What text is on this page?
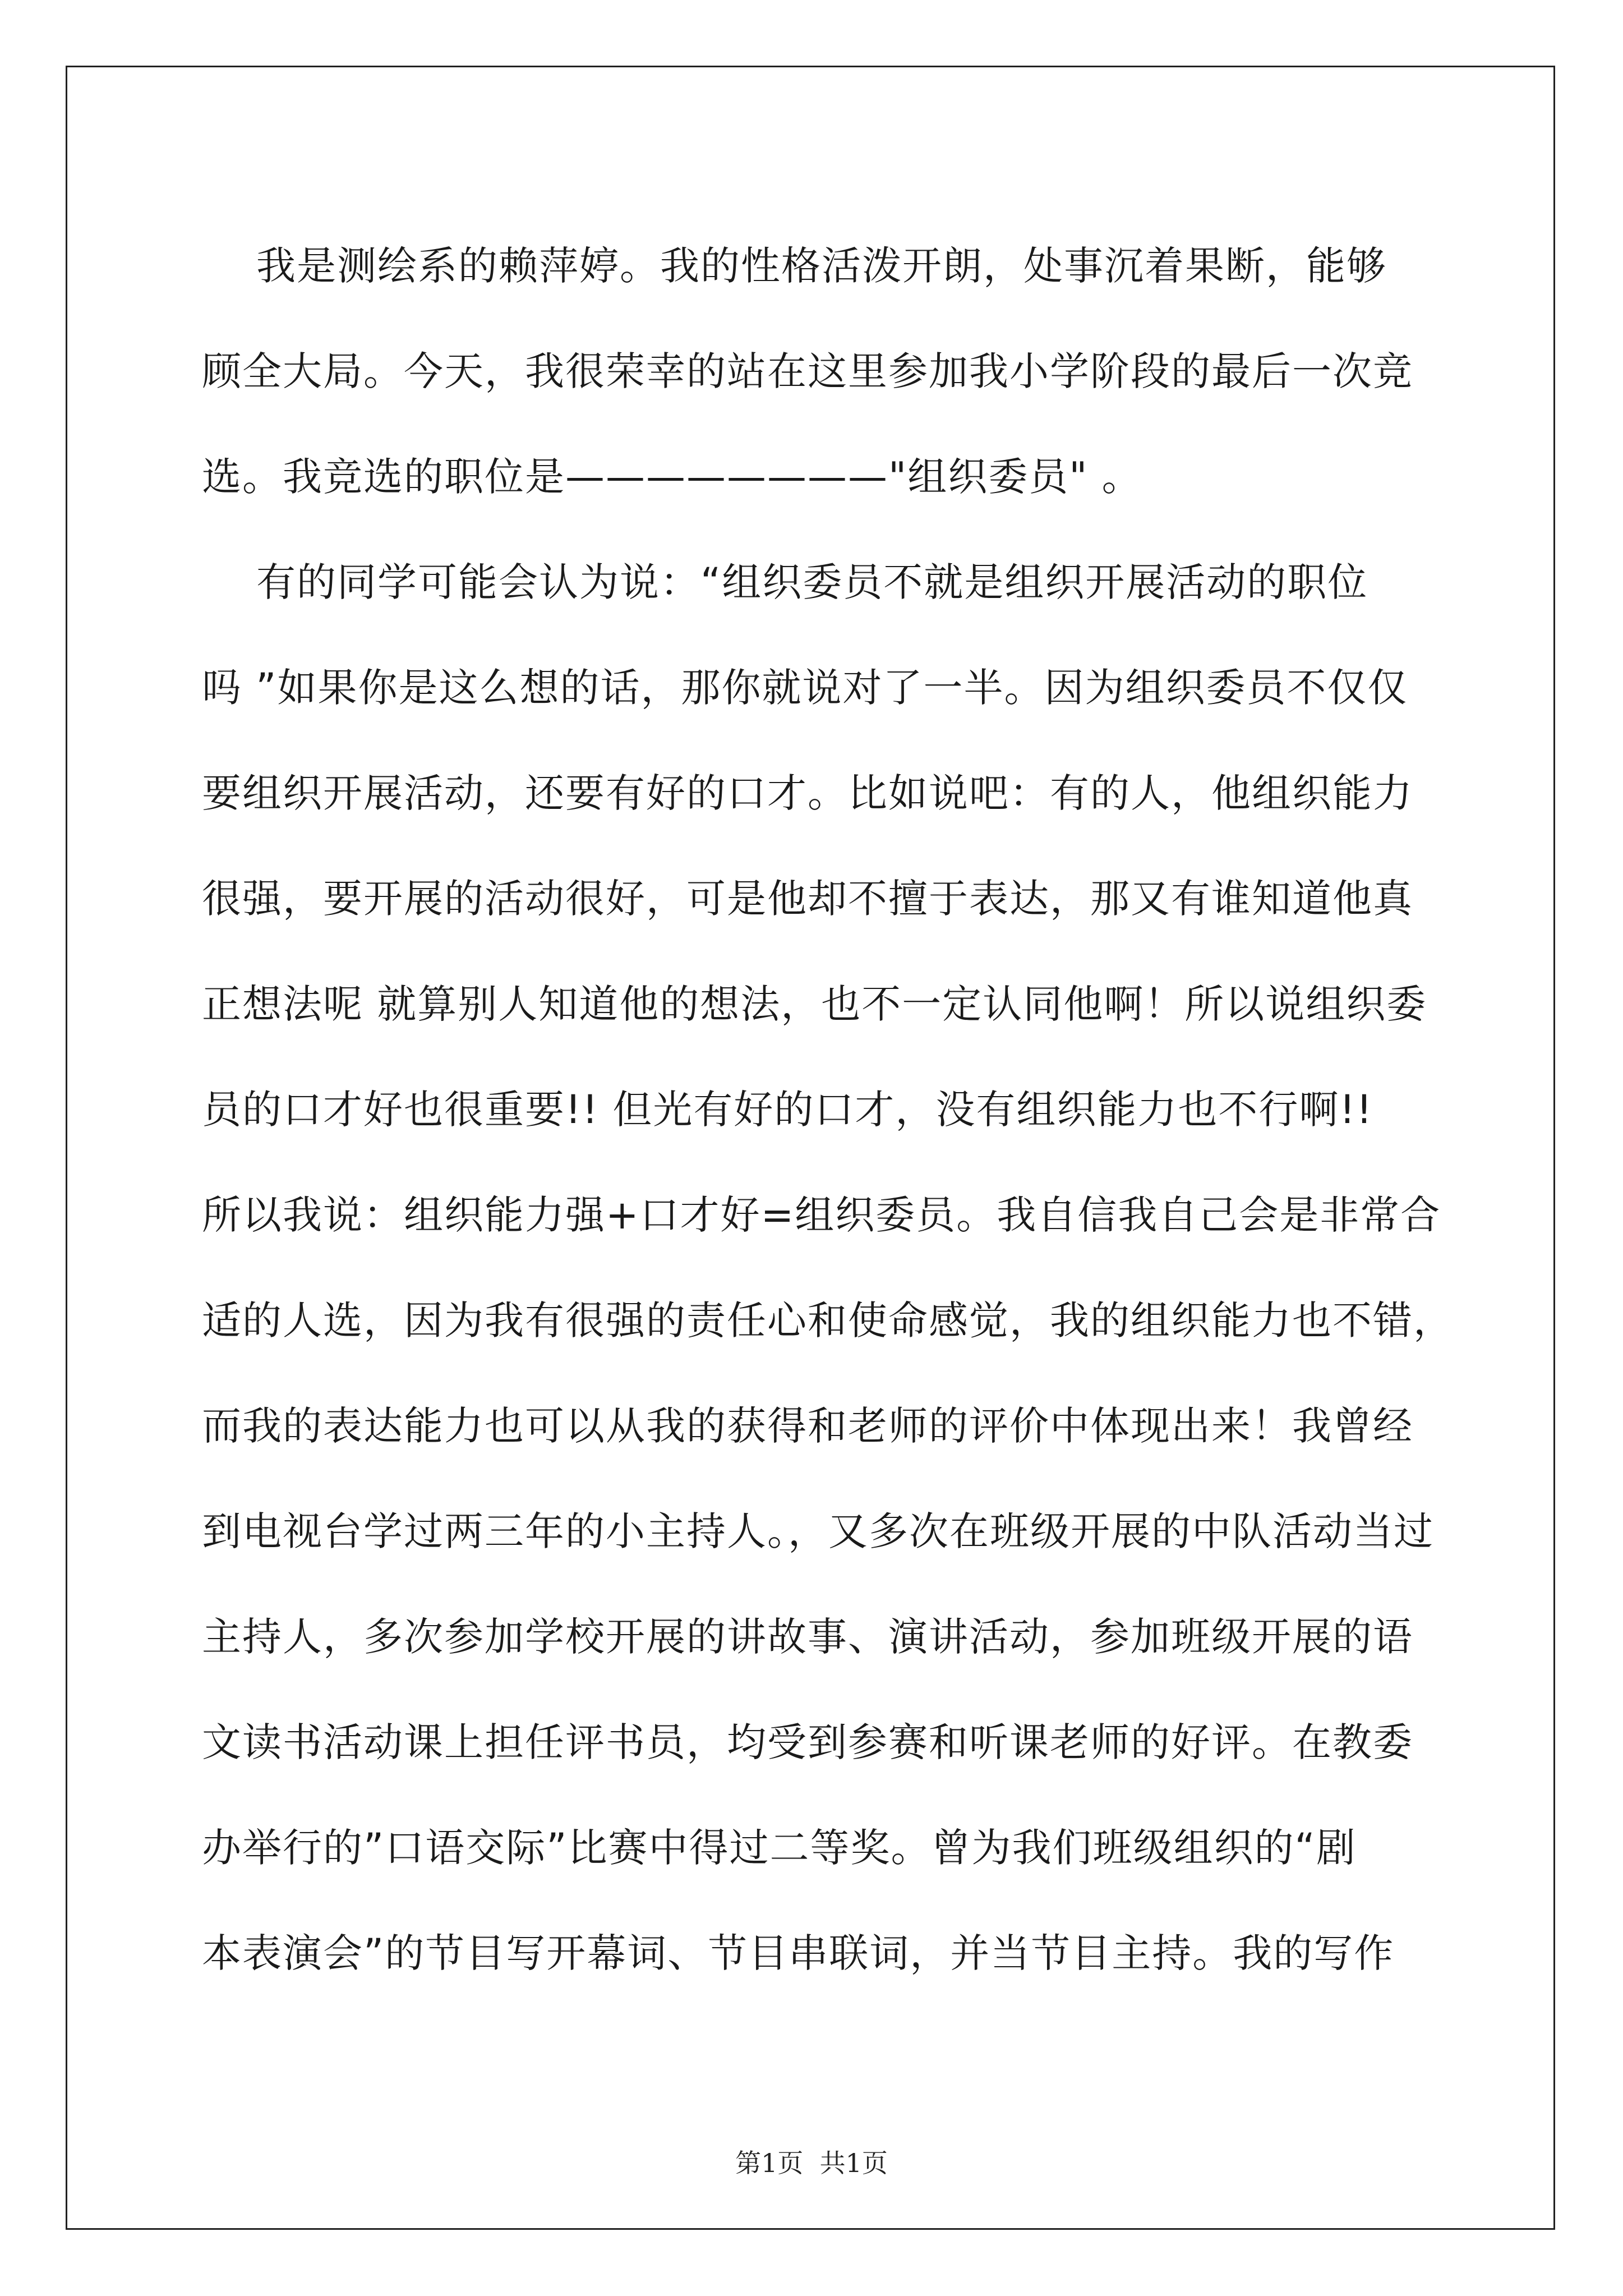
我是测绘系的赖萍婷。我的性格活泼开朗，处事沉着果断，能够
顾全大局。今天，我很荣幸的站在这里参加我小学阶段的最后一次竞
选。我竞选的职位是————————"组织委员" 。
有的同学可能会认为说：“组织委员不就是组织开展活动的职位
吗 ”如果你是这么想的话，那你就说对了一半。因为组织委员不仅仅
要组织开展活动，还要有好的口才。比如说吧：有的人，他组织能力
很强，要开展的活动很好，可是他却不擅于表达，那又有谁知道他真
正想法呢 就算别人知道他的想法，也不一定认同他啊！所以说组织委
员的口才好也很重要!! 但光有好的口才，没有组织能力也不行啊!!
所以我说：组织能力强+口才好=组织委员。我自信我自己会是非常合
适的人选，因为我有很强的责任心和使命感觉，我的组织能力也不错，
而我的表达能力也可以从我的获得和老师的评价中体现出来！我曾经
到电视台学过两三年的小主持人。，又多次在班级开展的中队活动当过
主持人，多次参加学校开展的讲故事、演讲活动，参加班级开展的语
文读书活动课上担任评书员，均受到参赛和听课老师的好评。在教委
办举行的”口语交际”比赛中得过二等奖。曾为我们班级组织的“剧
本表演会”的节目写开幕词、节目串联词，并当节目主持。我的写作
第1页  共1页
